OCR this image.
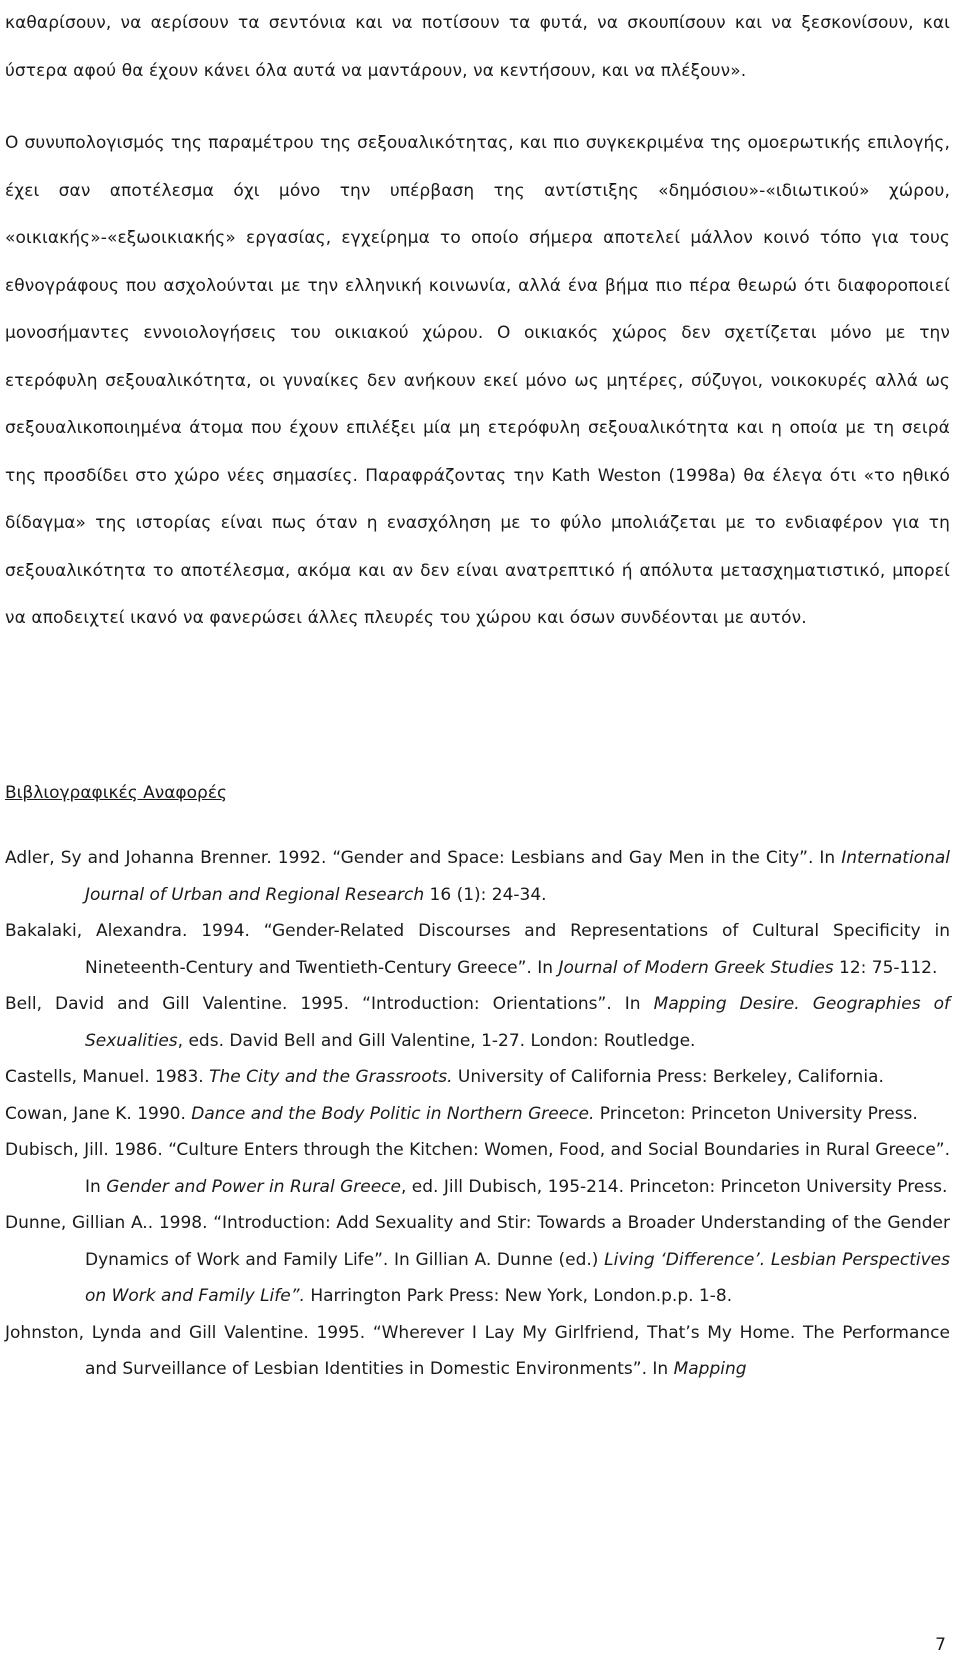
καθαρίσουν, να αερίσουν τα σεντόνια και να ποτίσουν τα φυτά, να σκουπίσουν και να ξεσκονίσουν, και ύστερα αφού θα έχουν κάνει όλα αυτά να μαντάρουν, να κεντήσουν, και να πλέξουν».

Ο συνυπολογισμός της παραμέτρου της σεξουαλικότητας, και πιο συγκεκριμένα της ομοερωτικής επιλογής, έχει σαν αποτέλεσμα όχι μόνο την υπέρβαση της αντίστιξης «δημόσιου»-«ιδιωτικού» χώρου, «οικιακής»-«εξωοικιακής» εργασίας, εγχείρημα το οποίο σήμερα αποτελεί μάλλον κοινό τόπο για τους εθνογράφους που ασχολούνται με την ελληνική κοινωνία, αλλά ένα βήμα πιο πέρα θεωρώ ότι διαφοροποιεί μονοσήμαντες εννοιολογήσεις του οικιακού χώρου. Ο οικιακός χώρος δεν σχετίζεται μόνο με την ετερόφυλη σεξουαλικότητα, οι γυναίκες δεν ανήκουν εκεί μόνο ως μητέρες, σύζυγοι, νοικοκυρές αλλά ως σεξουαλικοποιημένα άτομα που έχουν επιλέξει μία μη ετερόφυλη σεξουαλικότητα και η οποία με τη σειρά της προσδίδει στο χώρο νέες σημασίες. Παραφράζοντας την Kath Weston (1998a) θα έλεγα ότι «το ηθικό δίδαγμα» της ιστορίας είναι πως όταν η ενασχόληση με το φύλο μπολιάζεται με το ενδιαφέρον για τη σεξουαλικότητα το αποτέλεσμα, ακόμα και αν δεν είναι ανατρεπτικό ή απόλυτα μετασχηματιστικό, μπορεί να αποδειχτεί ικανό να φανερώσει άλλες πλευρές του χώρου και όσων συνδέονται με αυτόν.

Βιβλιογραφικές Αναφορές

Adler, Sy and Johanna Brenner. 1992. “Gender and Space: Lesbians and Gay Men in the City”. In International Journal of Urban and Regional Research 16 (1): 24-34.

Bakalaki, Alexandra. 1994. “Gender-Related Discourses and Representations of Cultural Specificity in Nineteenth-Century and Twentieth-Century Greece”. In Journal of Modern Greek Studies 12: 75-112.

Bell, David and Gill Valentine. 1995. “Introduction: Orientations”. In Mapping Desire. Geographies of Sexualities, eds. David Bell and Gill Valentine, 1-27. London: Routledge.

Castells, Manuel. 1983. The City and the Grassroots. University of California Press: Berkeley, California.

Cowan, Jane K. 1990. Dance and the Body Politic in Northern Greece. Princeton: Princeton University Press.

Dubisch, Jill. 1986. “Culture Enters through the Kitchen: Women, Food, and Social Boundaries in Rural Greece”. In Gender and Power in Rural Greece, ed. Jill Dubisch, 195-214. Princeton: Princeton University Press.

Dunne, Gillian A.. 1998. “Introduction: Add Sexuality and Stir: Towards a Broader Understanding of the Gender Dynamics of Work and Family Life”. In Gillian A. Dunne (ed.) Living ‘Difference’. Lesbian Perspectives on Work and Family Life”. Harrington Park Press: New York, London.p.p. 1-8.

Johnston, Lynda and Gill Valentine. 1995. “Wherever I Lay My Girlfriend, That’s My Home. The Performance and Surveillance of Lesbian Identities in Domestic Environments”. In Mapping

7
